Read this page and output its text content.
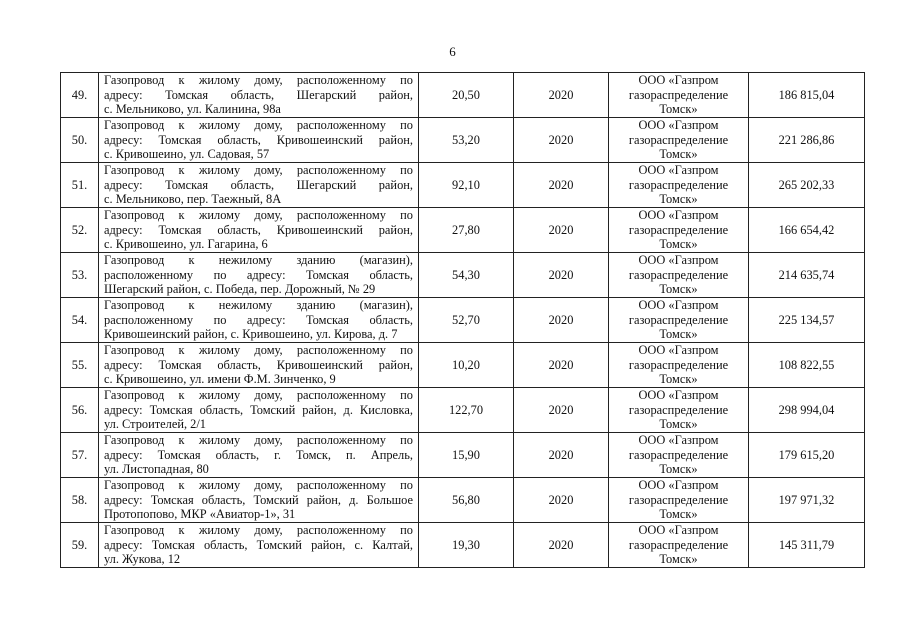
6
49.	Газопровод к жилому дому, расположенному по
адресу: Томская область, Шегарский район,
с. Мельниково, ул. Калинина, 98а	20,50	2020	ООО «Газпром
газораспределение
Томск»	186 815,04
50.	Газопровод к жилому дому, расположенному по
адресу: Томская область, Кривошеинский район,
с. Кривошеино, ул. Садовая, 57	53,20	2020	ООО «Газпром
газораспределение
Томск»	221 286,86
51.	Газопровод к жилому дому, расположенному по
адресу: Томская область, Шегарский район,
с. Мельниково, пер. Таежный, 8А	92,10	2020	ООО «Газпром
газораспределение
Томск»	265 202,33
52.	Газопровод к жилому дому, расположенному по
адресу: Томская область, Кривошеинский район,
с. Кривошеино, ул. Гагарина, 6	27,80	2020	ООО «Газпром
газораспределение
Томск»	166 654,42
53.	Газопровод к нежилому зданию (магазин),
расположенному по адресу: Томская область,
Шегарский район, с. Победа, пер. Дорожный, № 29	54,30	2020	ООО «Газпром
газораспределение
Томск»	214 635,74
54.	Газопровод к нежилому зданию (магазин),
расположенному по адресу: Томская область,
Кривошеинский район, с. Кривошеино, ул. Кирова, д. 7	52,70	2020	ООО «Газпром
газораспределение
Томск»	225 134,57
55.	Газопровод к жилому дому, расположенному по
адресу: Томская область, Кривошеинский район,
с. Кривошеино, ул. имени Ф.М. Зинченко, 9	10,20	2020	ООО «Газпром
газораспределение
Томск»	108 822,55
56.	Газопровод к жилому дому, расположенному по
адресу: Томская область, Томский район, д. Кисловка,
ул. Строителей, 2/1	122,70	2020	ООО «Газпром
газораспределение
Томск»	298 994,04
57.	Газопровод к жилому дому, расположенному по
адресу: Томская область, г. Томск, п. Апрель,
ул. Листопадная, 80	15,90	2020	ООО «Газпром
газораспределение
Томск»	179 615,20
58.	Газопровод к жилому дому, расположенному по
адресу: Томская область, Томский район, д. Большое
Протопопово, МКР «Авиатор-1», 31	56,80	2020	ООО «Газпром
газораспределение
Томск»	197 971,32
59.	Газопровод к жилому дому, расположенному по
адресу: Томская область, Томский район, с. Калтай,
ул. Жукова, 12	19,30	2020	ООО «Газпром
газораспределение
Томск»	145 311,79
